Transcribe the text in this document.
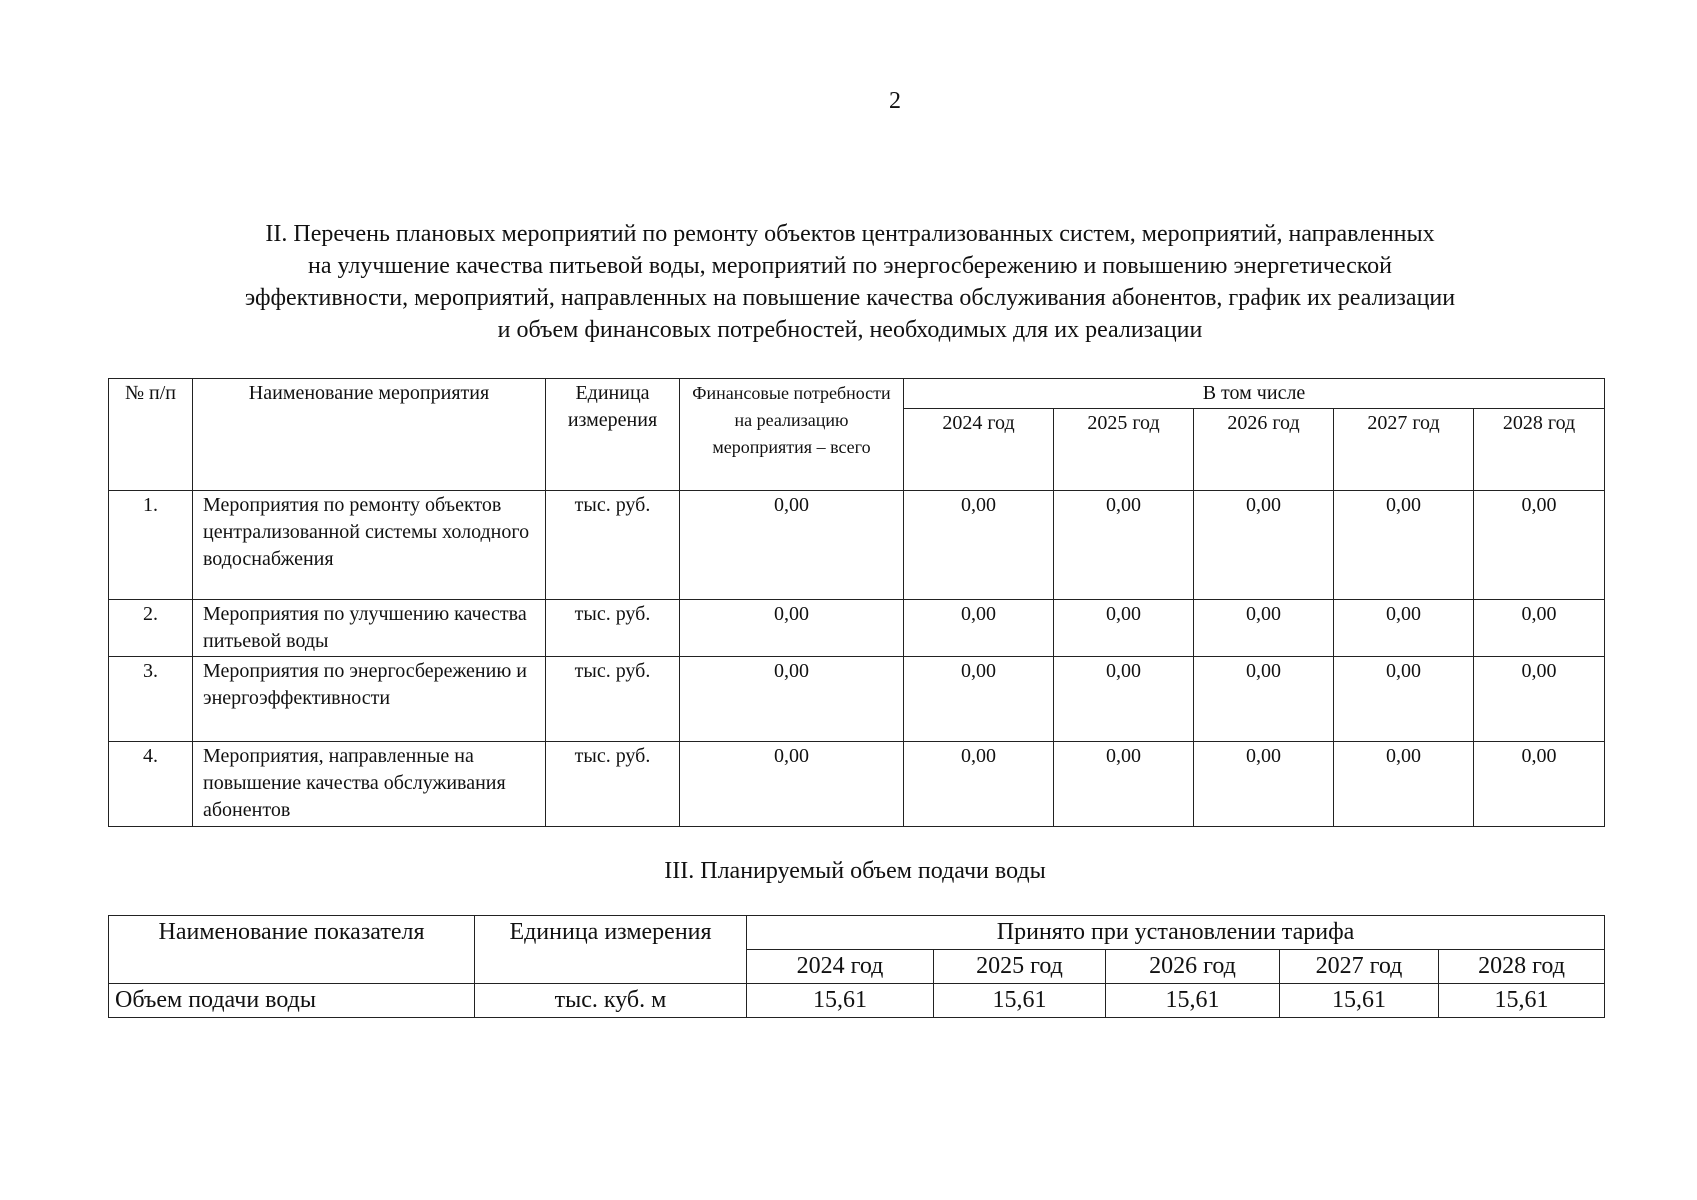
2
II. Перечень плановых мероприятий по ремонту объектов централизованных систем, мероприятий, направленных
на улучшение качества питьевой воды, мероприятий по энергосбережению и повышению энергетической
эффективности, мероприятий, направленных на повышение качества обслуживания абонентов, график их реализации
и объем финансовых потребностей, необходимых для их реализации
№ п/п	Наименование мероприятия	Единица измерения	Финансовые потребности на реализацию мероприятия – всего	В том числе				
				2024 год	2025 год	2026 год	2027 год	2028 год
1.	Мероприятия по ремонту объектов централизованной системы холодного водоснабжения	тыс. руб.	0,00	0,00	0,00	0,00	0,00	0,00
2.	Мероприятия по улучшению качества питьевой воды	тыс. руб.	0,00	0,00	0,00	0,00	0,00	0,00
3.	Мероприятия по энергосбережению и энергоэффективности	тыс. руб.	0,00	0,00	0,00	0,00	0,00	0,00
4.	Мероприятия, направленные на повышение качества обслуживания абонентов	тыс. руб.	0,00	0,00	0,00	0,00	0,00	0,00
III. Планируемый объем подачи воды
Наименование показателя	Единица измерения	Принято при установлении тарифа				
		2024 год	2025 год	2026 год	2027 год	2028 год
Объем подачи воды	тыс. куб. м	15,61	15,61	15,61	15,61	15,61
